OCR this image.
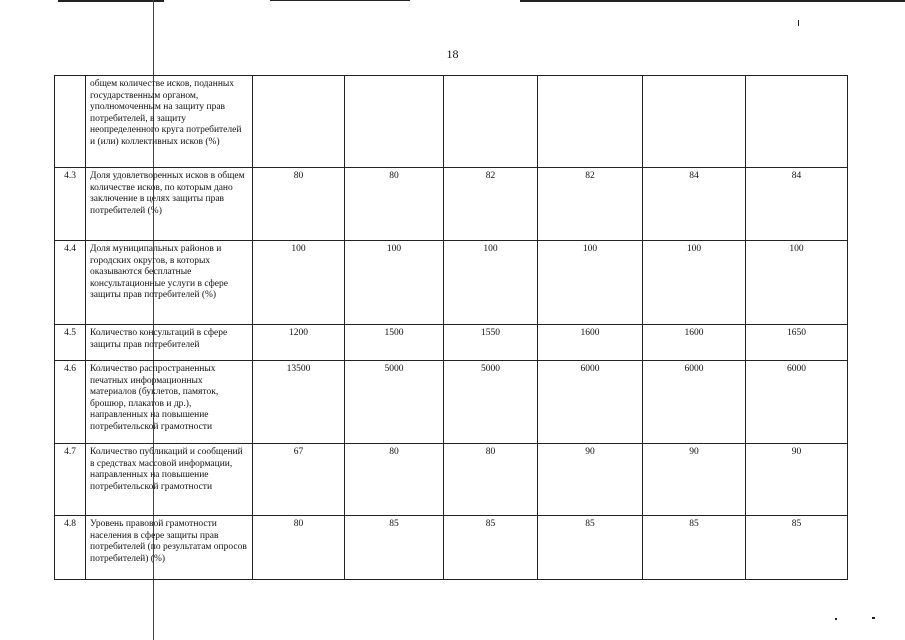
18
	общем количестве исков, поданных государственным органом, уполномоченным на защиту прав потребителей, в защиту неопределенного круга потребителей и (или) коллективных исков (%)						
4.3	Доля удовлетворенных исков в общем количестве исков, по которым дано заключение в целях защиты прав потребителей (%)	80	80	82	82	84	84
4.4	Доля муниципальных районов и городских округов, в которых оказываются бесплатные консультационные услуги в сфере защиты прав потребителей (%)	100	100	100	100	100	100
4.5	Количество консультаций в сфере защиты прав потребителей	1200	1500	1550	1600	1600	1650
4.6	Количество распространенных печатных информационных материалов (буклетов, памяток, брошюр, плакатов и др.), направленных на повышение потребительской грамотности	13500	5000	5000	6000	6000	6000
4.7	Количество публикаций и сообщений в средствах массовой информации, направленных на повышение потребительской грамотности	67	80	80	90	90	90
4.8	Уровень правовой грамотности населения в сфере защиты прав потребителей (по результатам опросов потребителей) (%)	80	85	85	85	85	85
